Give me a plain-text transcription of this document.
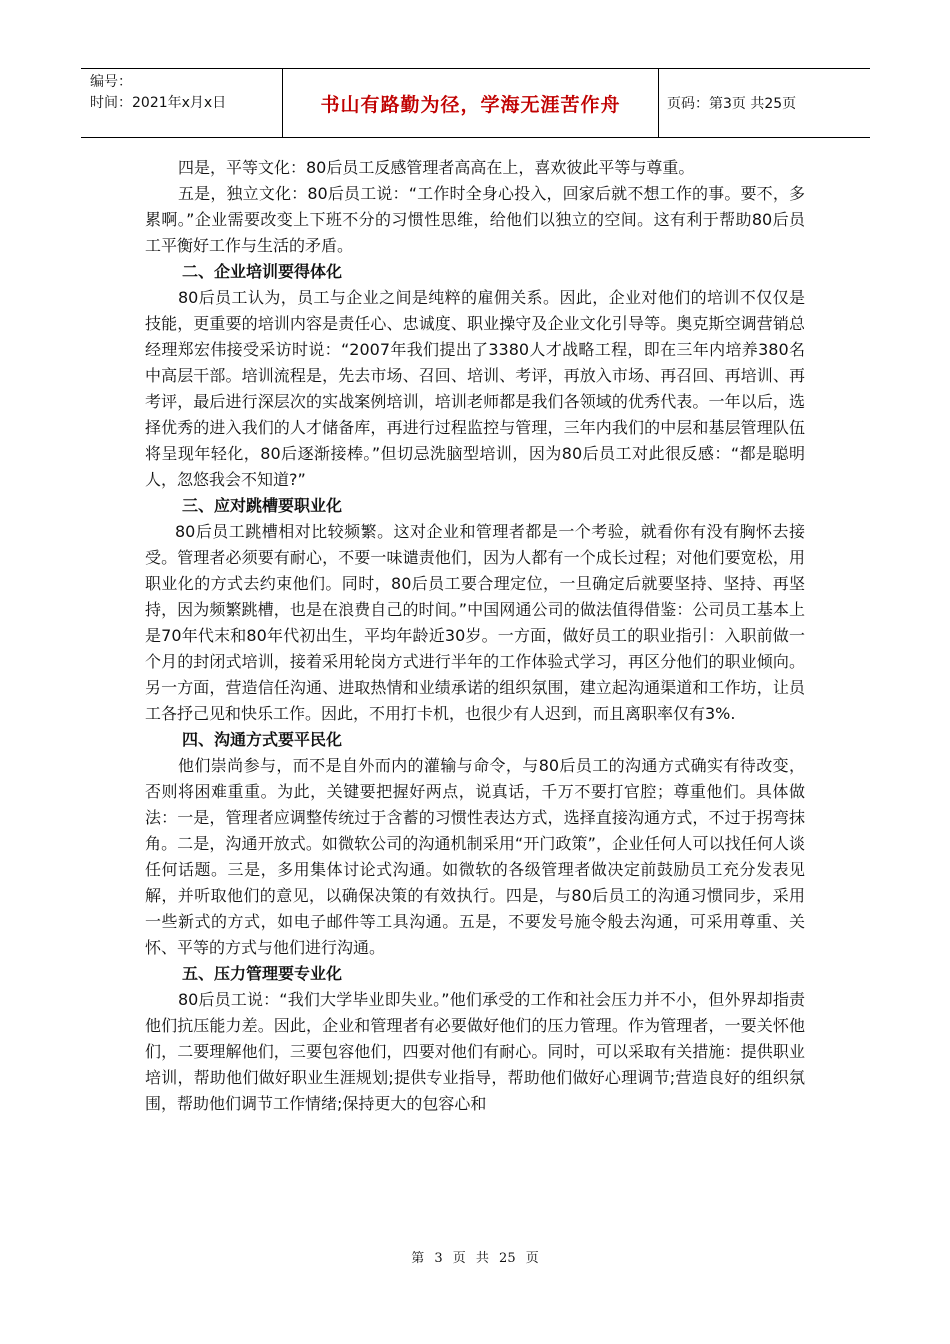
编号：
时间：2021年x月x日	书山有路勤为径，学海无涯苦作舟	页码：第3页 共25页

四是，平等文化：80后员工反感管理者高高在上，喜欢彼此平等与尊重。

五是，独立文化：80后员工说：“工作时全身心投入，回家后就不想工作的事。要不，多累啊。”企业需要改变上下班不分的习惯性思维，给他们以独立的空间。这有利于帮助80后员工平衡好工作与生活的矛盾。

二、企业培训要得体化

80后员工认为，员工与企业之间是纯粹的雇佣关系。因此，企业对他们的培训不仅仅是技能，更重要的培训内容是责任心、忠诚度、职业操守及企业文化引导等。奥克斯空调营销总经理郑宏伟接受采访时说：“2007年我们提出了3380人才战略工程，即在三年内培养380名中高层干部。培训流程是，先去市场、召回、培训、考评，再放入市场、再召回、再培训、再考评，最后进行深层次的实战案例培训，培训老师都是我们各领域的优秀代表。一年以后，选择优秀的进入我们的人才储备库，再进行过程监控与管理，三年内我们的中层和基层管理队伍将呈现年轻化，80后逐渐接棒。”但切忌洗脑型培训，因为80后员工对此很反感：“都是聪明人，忽悠我会不知道?”

三、应对跳槽要职业化

80后员工跳槽相对比较频繁。这对企业和管理者都是一个考验，就看你有没有胸怀去接受。管理者必须要有耐心，不要一味谴责他们，因为人都有一个成长过程；对他们要宽松，用职业化的方式去约束他们。同时，80后员工要合理定位，一旦确定后就要坚持、坚持、再坚持，因为频繁跳槽，也是在浪费自己的时间。”中国网通公司的做法值得借鉴：公司员工基本上是70年代末和80年代初出生，平均年龄近30岁。一方面，做好员工的职业指引：入职前做一个月的封闭式培训，接着采用轮岗方式进行半年的工作体验式学习，再区分他们的职业倾向。另一方面，营造信任沟通、进取热情和业绩承诺的组织氛围，建立起沟通渠道和工作坊，让员工各抒己见和快乐工作。因此，不用打卡机，也很少有人迟到，而且离职率仅有3%.

四、沟通方式要平民化

他们崇尚参与，而不是自外而内的灌输与命令，与80后员工的沟通方式确实有待改变，否则将困难重重。为此，关键要把握好两点，说真话，千万不要打官腔；尊重他们。具体做法：一是，管理者应调整传统过于含蓄的习惯性表达方式，选择直接沟通方式，不过于拐弯抹角。二是，沟通开放式。如微软公司的沟通机制采用“开门政策”，企业任何人可以找任何人谈任何话题。三是，多用集体讨论式沟通。如微软的各级管理者做决定前鼓励员工充分发表见解，并听取他们的意见，以确保决策的有效执行。四是，与80后员工的沟通习惯同步，采用一些新式的方式，如电子邮件等工具沟通。五是，不要发号施令般去沟通，可采用尊重、关怀、平等的方式与他们进行沟通。

五、压力管理要专业化

80后员工说：“我们大学毕业即失业。”他们承受的工作和社会压力并不小，但外界却指责他们抗压能力差。因此，企业和管理者有必要做好他们的压力管理。作为管理者，一要关怀他们，二要理解他们，三要包容他们，四要对他们有耐心。同时，可以采取有关措施：提供职业培训，帮助他们做好职业生涯规划;提供专业指导，帮助他们做好心理调节;营造良好的组织氛围，帮助他们调节工作情绪;保持更大的包容心和

第 3 页 共 25 页
